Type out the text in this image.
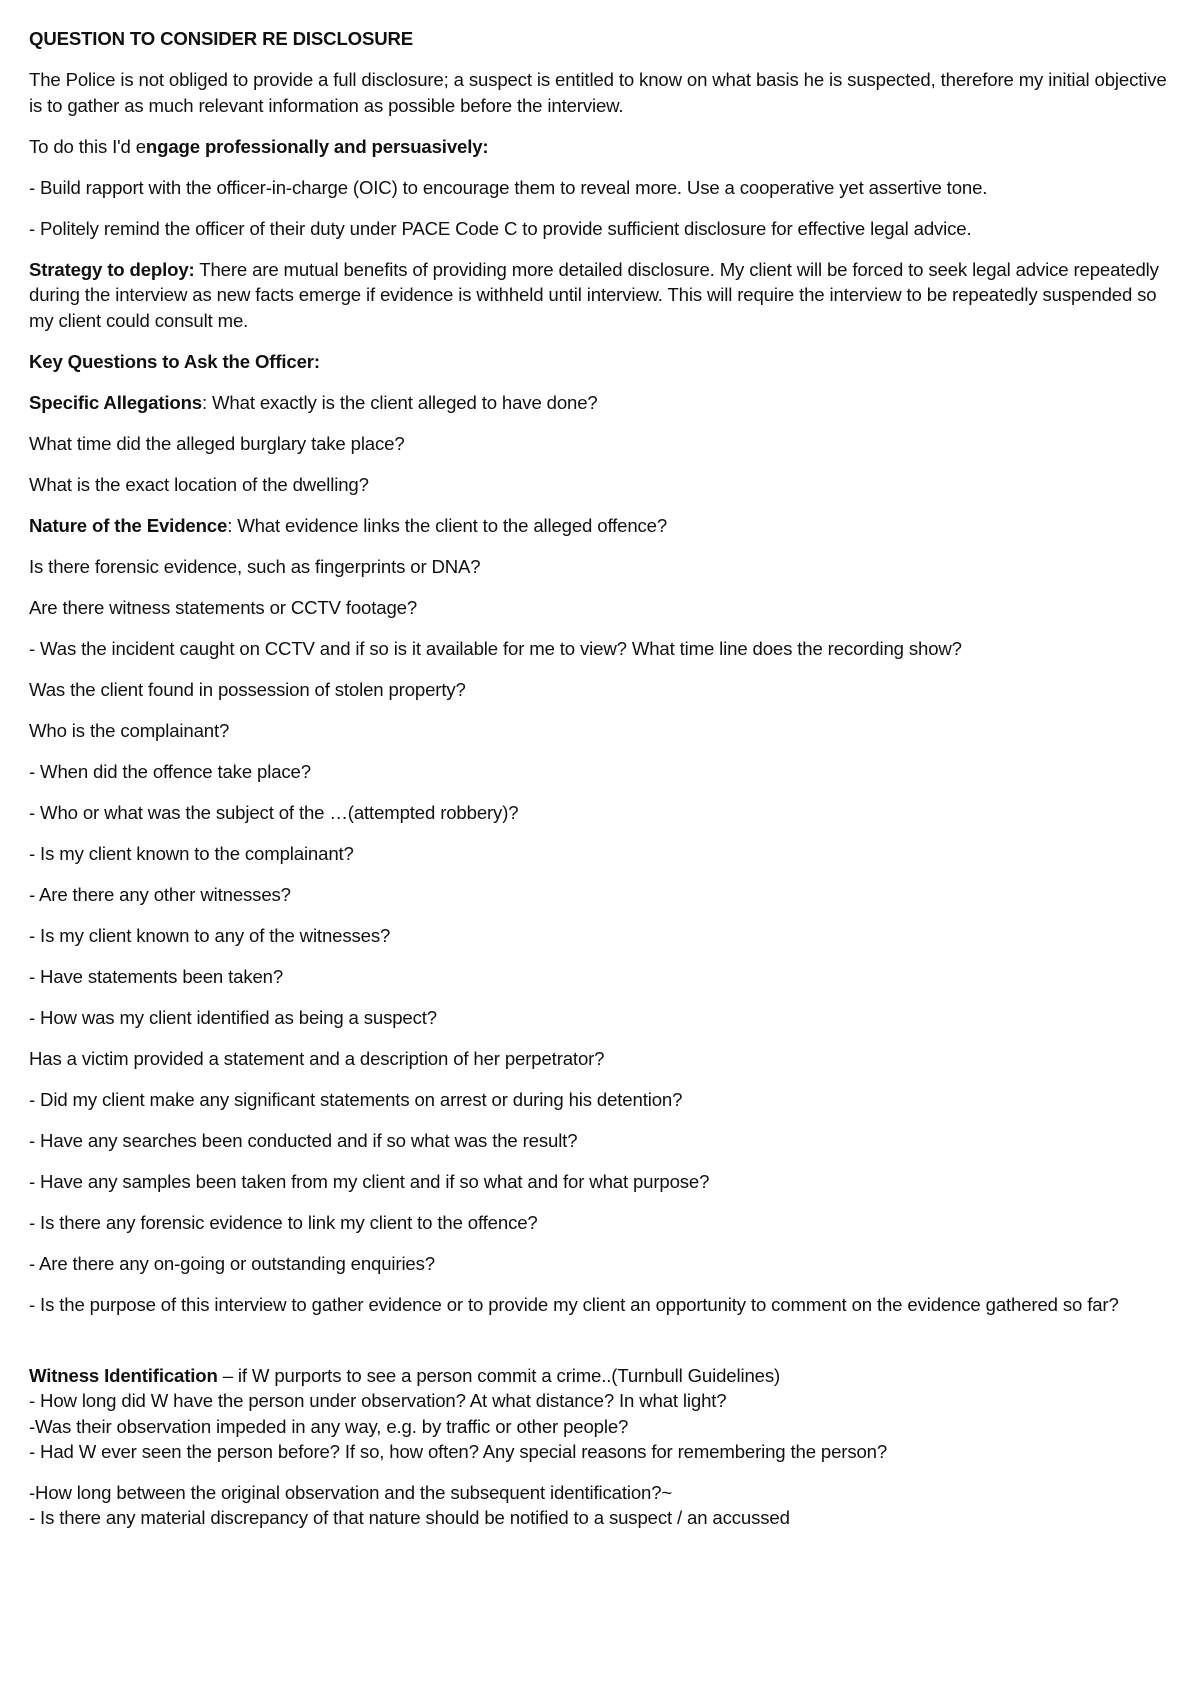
QUESTION TO CONSIDER RE DISCLOSURE

The Police is not obliged to provide a full disclosure; a suspect is entitled to know on what basis he is suspected, therefore my initial objective is to gather as much relevant information as possible before the interview.

To do this I'd engage professionally and persuasively:

- Build rapport with the officer-in-charge (OIC) to encourage them to reveal more. Use a cooperative yet assertive tone.

- Politely remind the officer of their duty under PACE Code C to provide sufficient disclosure for effective legal advice.

Strategy to deploy: There are mutual benefits of providing more detailed disclosure. My client will be forced to seek legal advice repeatedly during the interview as new facts emerge if evidence is withheld until interview. This will require the interview to be repeatedly suspended so my client could consult me.

Key Questions to Ask the Officer:

Specific Allegations: What exactly is the client alleged to have done?

What time did the alleged burglary take place?

What is the exact location of the dwelling?

Nature of the Evidence: What evidence links the client to the alleged offence?

Is there forensic evidence, such as fingerprints or DNA?

Are there witness statements or CCTV footage?

- Was the incident caught on CCTV and if so is it available for me to view? What time line does the recording show?

Was the client found in possession of stolen property?

Who is the complainant?

- When did the offence take place?

- Who or what was the subject of the …(attempted robbery)?

- Is my client known to the complainant?

- Are there any other witnesses?

- Is my client known to any of the witnesses?

- Have statements been taken?

- How was my client identified as being a suspect?

Has a victim provided a statement and a description of her perpetrator?

- Did my client make any significant statements on arrest or during his detention?

- Have any searches been conducted and if so what was the result?

- Have any samples been taken from my client and if so what and for what purpose?

- Is there any forensic evidence to link my client to the offence?

- Are there any on-going or outstanding enquiries?

- Is the purpose of this interview to gather evidence or to provide my client an opportunity to comment on the evidence gathered so far?

Witness Identification – if W purports to see a person commit a crime..(Turnbull Guidelines)

- How long did W have the person under observation? At what distance? In what light?

-Was their observation impeded in any way, e.g. by traffic or other people?

- Had W ever seen the person before? If so, how often? Any special reasons for remembering the person?

-How long between the original observation and the subsequent identification?~

- Is there any material discrepancy of that nature should be notified to a suspect / an accussed
